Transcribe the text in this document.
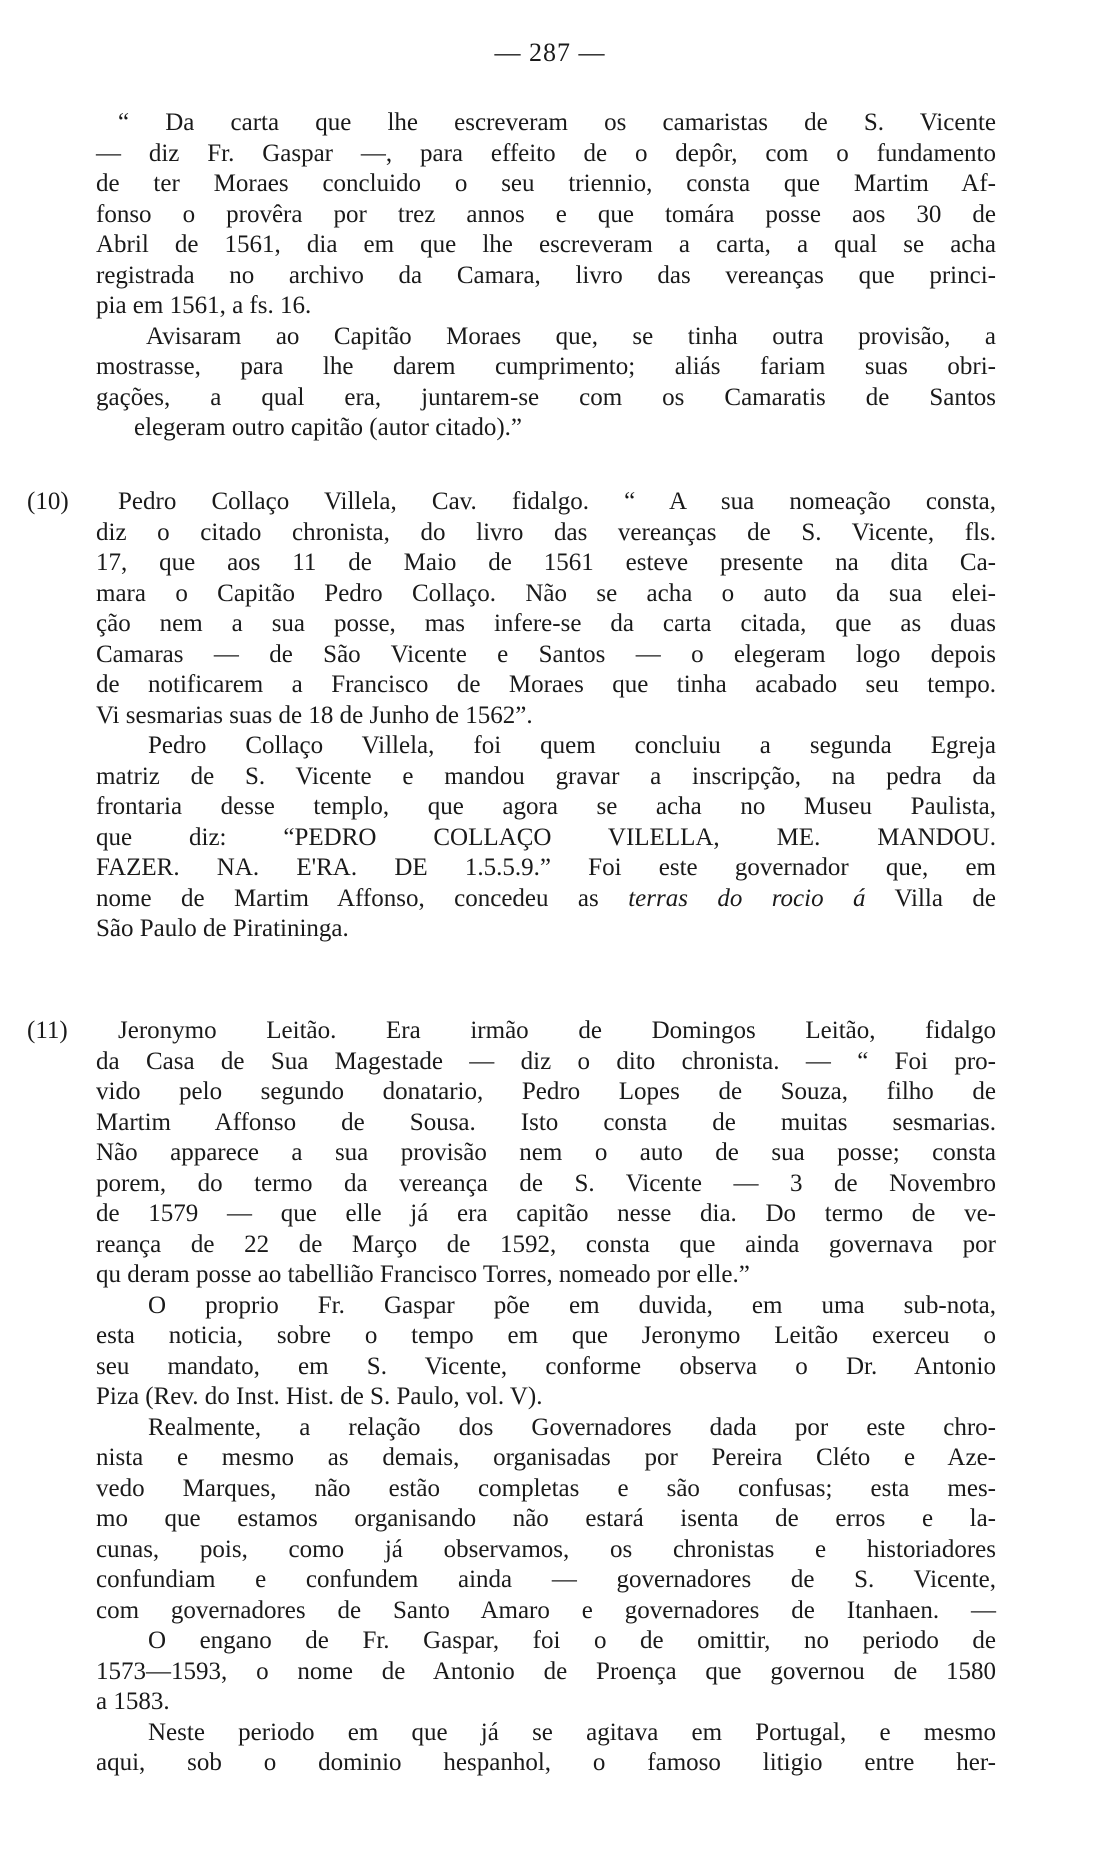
— 287 —
“ Da carta que lhe escreveram os camaristas de S. Vicente
— diz Fr. Gaspar —, para effeito de o depôr, com o fundamento
de ter Moraes concluido o seu triennio, consta que Martim Af-
fonso o provêra por trez annos e que tomára posse aos 30 de
Abril de 1561, dia em que lhe escreveram a carta, a qual se acha
registrada no archivo da Camara, livro das vereanças que princi-
pia em 1561, a fs. 16.
Avisaram ao Capitão Moraes que, se tinha outra provisão, a
mostrasse, para lhe darem cumprimento; aliás fariam suas obri-
gações, a qual era, juntarem-se com os Camaratis de Santos
elegeram outro capitão (autor citado).”
(10)	Pedro Collaço Villela, Cav. fidalgo. “ A sua nomeação consta,
diz o citado chronista, do livro das vereanças de S. Vicente, fls.
17, que aos 11 de Maio de 1561 esteve presente na dita Ca-
mara o Capitão Pedro Collaço. Não se acha o auto da sua elei-
ção nem a sua posse, mas infere-se da carta citada, que as duas
Camaras — de São Vicente e Santos — o elegeram logo depois
de notificarem a Francisco de Moraes que tinha acabado seu tempo.
Vi sesmarias suas de 18 de Junho de 1562”.
Pedro Collaço Villela, foi quem concluiu a segunda Egreja
matriz de S. Vicente e mandou gravar a inscripção, na pedra da
frontaria desse templo, que agora se acha no Museu Paulista,
que diz: “PEDRO COLLAÇO VILELLA, ME. MANDOU.
FAZER. NA. E'RA. DE 1.5.5.9.” Foi este governador que, em
nome de Martim Affonso, concedeu as terras do rocio á Villa de
São Paulo de Piratininga.
(11)	Jeronymo Leitão. Era irmão de Domingos Leitão, fidalgo
da Casa de Sua Magestade — diz o dito chronista. — “ Foi pro-
vido pelo segundo donatario, Pedro Lopes de Souza, filho de
Martim Affonso de Sousa. Isto consta de muitas sesmarias.
Não apparece a sua provisão nem o auto de sua posse; consta
porem, do termo da vereança de S. Vicente — 3 de Novembro
de 1579 — que elle já era capitão nesse dia. Do termo de ve-
reança de 22 de Março de 1592, consta que ainda governava por
qu deram posse ao tabellião Francisco Torres, nomeado por elle.”
O proprio Fr. Gaspar põe em duvida, em uma sub-nota,
esta noticia, sobre o tempo em que Jeronymo Leitão exerceu o
seu mandato, em S. Vicente, conforme observa o Dr. Antonio
Piza (Rev. do Inst. Hist. de S. Paulo, vol. V).
Realmente, a relação dos Governadores dada por este chro-
nista e mesmo as demais, organisadas por Pereira Cléto e Aze-
vedo Marques, não estão completas e são confusas; esta mes-
mo que estamos organisando não estará isenta de erros e la-
cunas, pois, como já observamos, os chronistas e historiadores
confundiam e confundem ainda — governadores de S. Vicente,
com governadores de Santo Amaro e governadores de Itanhaen. —
O engano de Fr. Gaspar, foi o de omittir, no periodo de
1573—1593, o nome de Antonio de Proença que governou de 1580
a 1583.
Neste periodo em que já se agitava em Portugal, e mesmo
aqui, sob o dominio hespanhol, o famoso litigio entre her-
